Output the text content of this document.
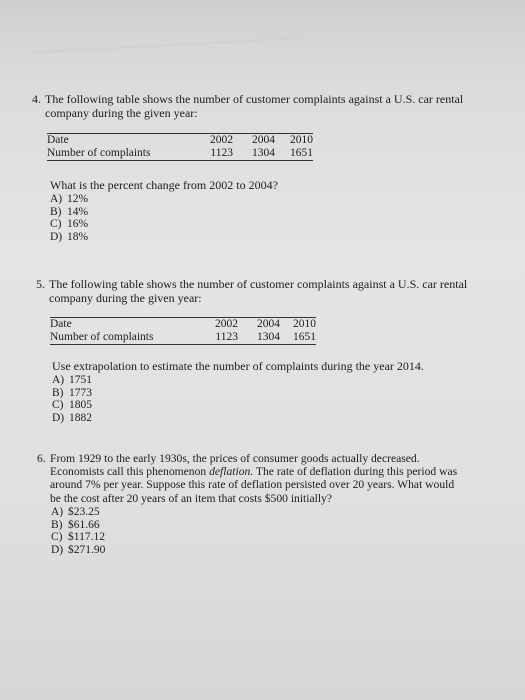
~~~~~~~~~~~~~~~~~~~~~~~~~~~~~~~~~~~~~~~~~~~~~
4. The following table shows the number of customer complaints against a U.S. car rental
company during the given year:
Date	2002	2004	2010
Number of complaints	1123	1304	1651
What is the percent change from 2002 to 2004?
A) 12%
B) 14%
C) 16%
D) 18%
5. The following table shows the number of customer complaints against a U.S. car rental
company during the given year:
Date	2002	2004	2010
Number of complaints	1123	1304	1651
Use extrapolation to estimate the number of complaints during the year 2014.
A) 1751
B) 1773
C) 1805
D) 1882
6. From 1929 to the early 1930s, the prices of consumer goods actually decreased.
Economists call this phenomenon deflation. The rate of deflation during this period was
around 7% per year. Suppose this rate of deflation persisted over 20 years. What would
be the cost after 20 years of an item that costs $500 initially?
A) $23.25
B) $61.66
C) $117.12
D) $271.90
